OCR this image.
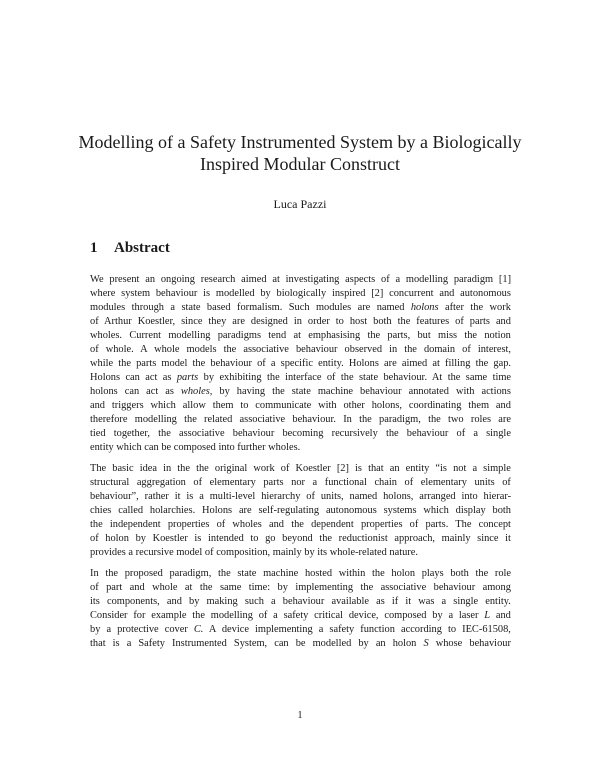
Modelling of a Safety Instrumented System by a Biologically
Inspired Modular Construct

Luca Pazzi

1 Abstract

We present an ongoing research aimed at investigating aspects of a modelling paradigm [1]
where system behaviour is modelled by biologically inspired [2] concurrent and autonomous
modules through a state based formalism. Such modules are named holons after the work
of Arthur Koestler, since they are designed in order to host both the features of parts and
wholes. Current modelling paradigms tend at emphasising the parts, but miss the notion
of whole. A whole models the associative behaviour observed in the domain of interest,
while the parts model the behaviour of a specific entity. Holons are aimed at filling the gap.
Holons can act as parts by exhibiting the interface of the state behaviour. At the same time
holons can act as wholes, by having the state machine behaviour annotated with actions
and triggers which allow them to communicate with other holons, coordinating them and
therefore modelling the related associative behaviour. In the paradigm, the two roles are
tied together, the associative behaviour becoming recursively the behaviour of a single
entity which can be composed into further wholes.

The basic idea in the the original work of Koestler [2] is that an entity “is not a simple
structural aggregation of elementary parts nor a functional chain of elementary units of
behaviour”, rather it is a multi-level hierarchy of units, named holons, arranged into hierar-
chies called holarchies. Holons are self-regulating autonomous systems which display both
the independent properties of wholes and the dependent properties of parts. The concept
of holon by Koestler is intended to go beyond the reductionist approach, mainly since it
provides a recursive model of composition, mainly by its whole-related nature.

In the proposed paradigm, the state machine hosted within the holon plays both the role
of part and whole at the same time: by implementing the associative behaviour among
its components, and by making such a behaviour available as if it was a single entity.
Consider for example the modelling of a safety critical device, composed by a laser L and
by a protective cover C. A device implementing a safety function according to IEC-61508,
that is a Safety Instrumented System, can be modelled by an holon S whose behaviour

1
